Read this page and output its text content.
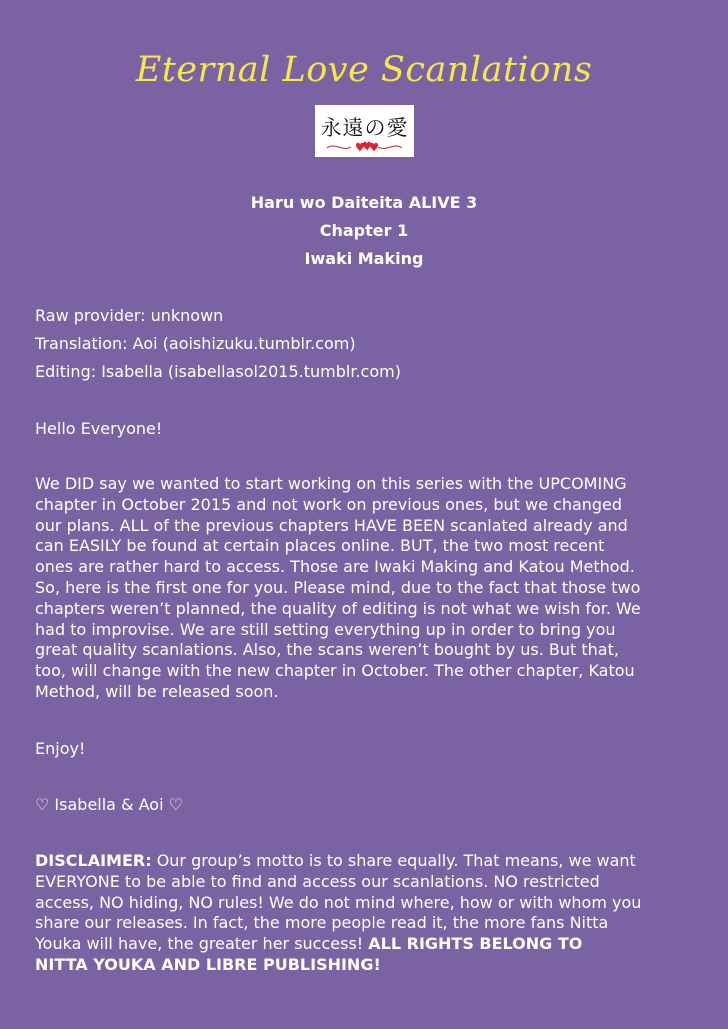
Eternal Love Scanlations
永遠の愛
Haru wo Daiteita ALIVE 3
Chapter 1
Iwaki Making
Raw provider: unknown
Translation: Aoi (aoishizuku.tumblr.com)
Editing: Isabella (isabellasol2015.tumblr.com)
Hello Everyone!
We DID say we wanted to start working on this series with the UPCOMING
chapter in October 2015 and not work on previous ones, but we changed
our plans. ALL of the previous chapters HAVE BEEN scanlated already and
can EASILY be found at certain places online. BUT, the two most recent
ones are rather hard to access. Those are Iwaki Making and Katou Method.
So, here is the first one for you. Please mind, due to the fact that those two
chapters weren’t planned, the quality of editing is not what we wish for. We
had to improvise. We are still setting everything up in order to bring you
great quality scanlations. Also, the scans weren’t bought by us. But that,
too, will change with the new chapter in October. The other chapter, Katou
Method, will be released soon.
Enjoy!
♡ Isabella & Aoi ♡
DISCLAIMER: Our group’s motto is to share equally. That means, we want
EVERYONE to be able to find and access our scanlations. NO restricted
access, NO hiding, NO rules! We do not mind where, how or with whom you
share our releases. In fact, the more people read it, the more fans Nitta
Youka will have, the greater her success! ALL RIGHTS BELONG TO
NITTA YOUKA AND LIBRE PUBLISHING!
